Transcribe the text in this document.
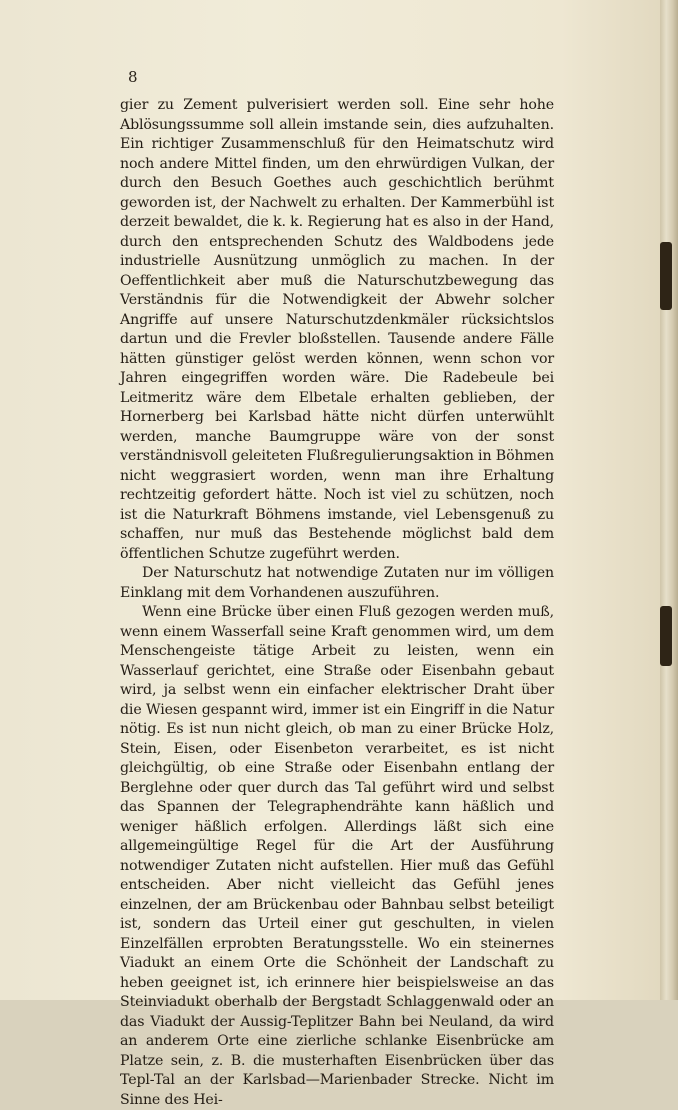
8

gier zu Zement pulverisiert werden soll. Eine sehr hohe Ablösungssumme soll allein imstande sein, dies aufzuhalten. Ein richtiger Zusammenschluß für den Heimatschutz wird noch andere Mittel finden, um den ehrwürdigen Vulkan, der durch den Besuch Goethes auch geschichtlich berühmt geworden ist, der Nachwelt zu erhalten. Der Kammerbühl ist derzeit bewaldet, die k. k. Regierung hat es also in der Hand, durch den entsprechenden Schutz des Waldbodens jede industrielle Ausnützung unmöglich zu machen. In der Oeffentlichkeit aber muß die Naturschutzbewegung das Verständnis für die Notwendigkeit der Abwehr solcher Angriffe auf unsere Naturschutzdenkmäler rücksichtslos dartun und die Frevler bloßstellen. Tausende andere Fälle hätten günstiger gelöst werden können, wenn schon vor Jahren eingegriffen worden wäre. Die Radebeule bei Leitmeritz wäre dem Elbetale erhalten geblieben, der Hornerberg bei Karlsbad hätte nicht dürfen unterwühlt werden, manche Baumgruppe wäre von der sonst verständnisvoll geleiteten Flußregulierungsaktion in Böhmen nicht weggrasiert worden, wenn man ihre Erhaltung rechtzeitig gefordert hätte. Noch ist viel zu schützen, noch ist die Naturkraft Böhmens imstande, viel Lebensgenuß zu schaffen, nur muß das Bestehende möglichst bald dem öffentlichen Schutze zugeführt werden.

Der Naturschutz hat notwendige Zutaten nur im völligen Einklang mit dem Vorhandenen auszuführen.

Wenn eine Brücke über einen Fluß gezogen werden muß, wenn einem Wasserfall seine Kraft genommen wird, um dem Menschengeiste tätige Arbeit zu leisten, wenn ein Wasserlauf gerichtet, eine Straße oder Eisenbahn gebaut wird, ja selbst wenn ein einfacher elektrischer Draht über die Wiesen gespannt wird, immer ist ein Eingriff in die Natur nötig. Es ist nun nicht gleich, ob man zu einer Brücke Holz, Stein, Eisen, oder Eisenbeton verarbeitet, es ist nicht gleichgültig, ob eine Straße oder Eisenbahn entlang der Berglehne oder quer durch das Tal geführt wird und selbst das Spannen der Telegraphendrähte kann häßlich und weniger häßlich erfolgen. Allerdings läßt sich eine allgemeingültige Regel für die Art der Ausführung notwendiger Zutaten nicht aufstellen. Hier muß das Gefühl entscheiden. Aber nicht vielleicht das Gefühl jenes einzelnen, der am Brückenbau oder Bahnbau selbst beteiligt ist, sondern das Urteil einer gut geschulten, in vielen Einzelfällen erprobten Beratungsstelle. Wo ein steinernes Viadukt an einem Orte die Schönheit der Landschaft zu heben geeignet ist, ich erinnere hier beispielsweise an das Steinviadukt oberhalb der Bergstadt Schlaggenwald oder an das Viadukt der Aussig-Teplitzer Bahn bei Neuland, da wird an anderem Orte eine zierliche schlanke Eisenbrücke am Platze sein, z. B. die musterhaften Eisenbrücken über das Tepl-Tal an der Karlsbad—Marienbader Strecke. Nicht im Sinne des Hei-
